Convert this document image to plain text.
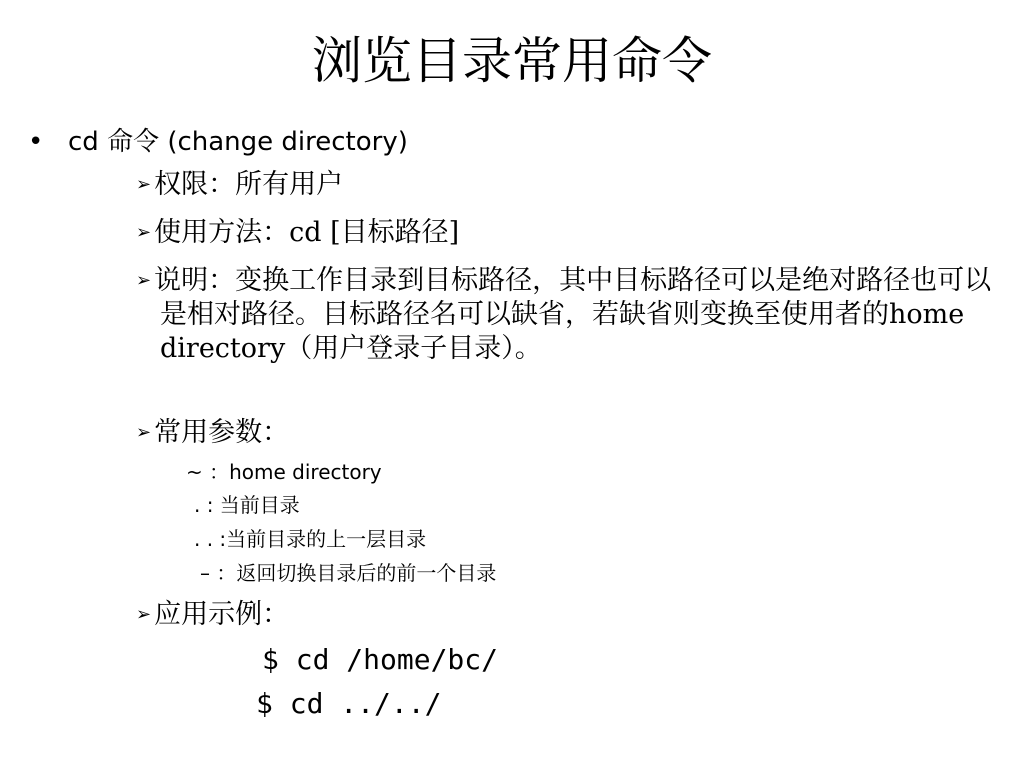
浏览目录常用命令
• cd 命令 (change directory)
➢ 权限：所有用户
➢ 使用方法：cd [目标路径]
➢ 说明：变换工作目录到目标路径，其中目标路径可以是绝对路径也可以是相对路径。目标路径名可以缺省，若缺省则变换至使用者的home directory（用户登录子目录）。
➢ 常用参数：
~ ：home directory
. : 当前目录
. . :当前目录的上一层目录
– ：返回切换目录后的前一个目录
➢ 应用示例：
$ cd /home/bc/
$ cd ../../
